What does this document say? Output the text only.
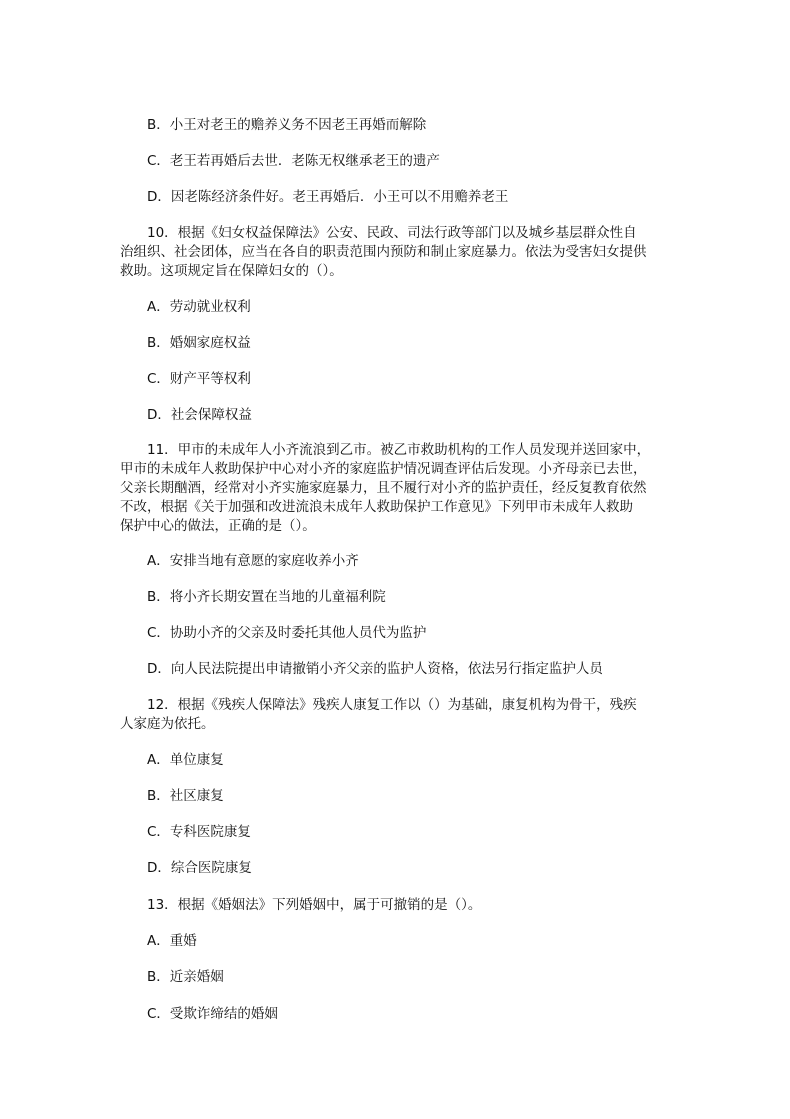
B．小王对老王的赡养义务不因老王再婚而解除
C．老王若再婚后去世．老陈无权继承老王的遗产
D．因老陈经济条件好。老王再婚后．小王可以不用赡养老王
10．根据《妇女权益保障法》公安、民政、司法行政等部门以及城乡基层群众性自
治组织、社会团体，应当在各自的职责范围内预防和制止家庭暴力。依法为受害妇女提供
救助。这项规定旨在保障妇女的（）。
A．劳动就业权利
B．婚姻家庭权益
C．财产平等权利
D．社会保障权益
11．甲市的未成年人小齐流浪到乙市。被乙市救助机构的工作人员发现并送回家中，
甲市的未成年人救助保护中心对小齐的家庭监护情况调查评估后发现。小齐母亲已去世，
父亲长期酗酒，经常对小齐实施家庭暴力，且不履行对小齐的监护责任，经反复教育依然
不改，根据《关于加强和改进流浪未成年人救助保护工作意见》下列甲市未成年人救助
保护中心的做法，正确的是（）。
A．安排当地有意愿的家庭收养小齐
B．将小齐长期安置在当地的儿童福利院
C．协助小齐的父亲及时委托其他人员代为监护
D．向人民法院提出申请撤销小齐父亲的监护人资格，依法另行指定监护人员
12．根据《残疾人保障法》残疾人康复工作以（）为基础，康复机构为骨干，残疾
人家庭为依托。
A．单位康复
B．社区康复
C．专科医院康复
D．综合医院康复
13．根据《婚姻法》下列婚姻中，属于可撤销的是（）。
A．重婚
B．近亲婚姻
C．受欺诈缔结的婚姻
